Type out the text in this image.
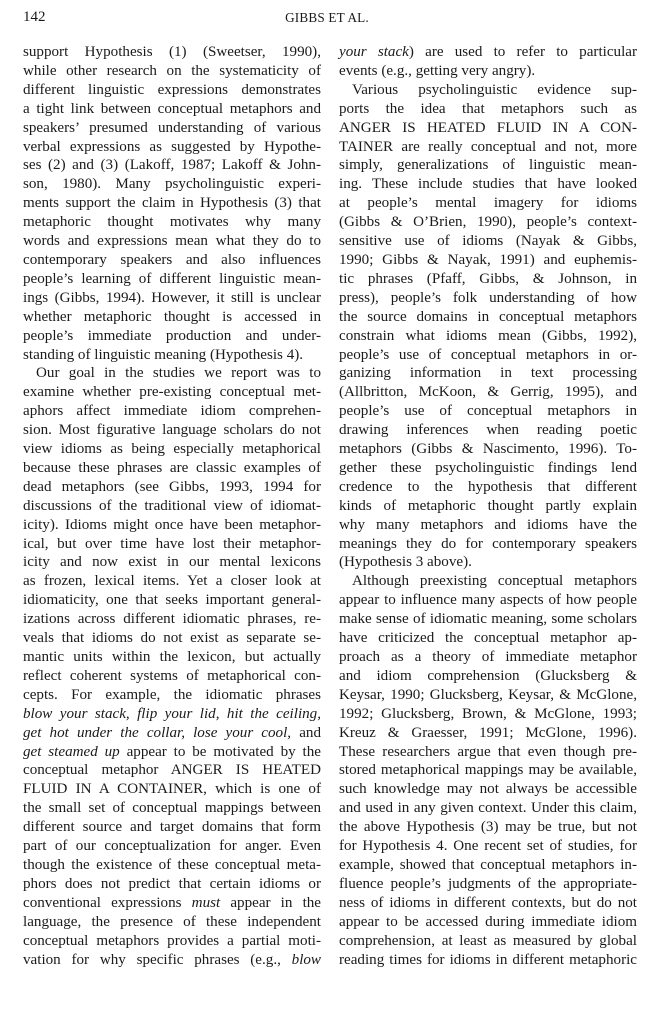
142	GIBBS ET AL.
support Hypothesis (1) (Sweetser, 1990),
while other research on the systematicity of
different linguistic expressions demonstrates
a tight link between conceptual metaphors and
speakers’ presumed understanding of various
verbal expressions as suggested by Hypothe-
ses (2) and (3) (Lakoff, 1987; Lakoff & John-
son, 1980). Many psycholinguistic experi-
ments support the claim in Hypothesis (3) that
metaphoric thought motivates why many
words and expressions mean what they do to
contemporary speakers and also influences
people’s learning of different linguistic mean-
ings (Gibbs, 1994). However, it still is unclear
whether metaphoric thought is accessed in
people’s immediate production and under-
standing of linguistic meaning (Hypothesis 4).
Our goal in the studies we report was to
examine whether pre-existing conceptual met-
aphors affect immediate idiom comprehen-
sion. Most figurative language scholars do not
view idioms as being especially metaphorical
because these phrases are classic examples of
dead metaphors (see Gibbs, 1993, 1994 for
discussions of the traditional view of idiomat-
icity). Idioms might once have been metaphor-
ical, but over time have lost their metaphor-
icity and now exist in our mental lexicons
as frozen, lexical items. Yet a closer look at
idiomaticity, one that seeks important general-
izations across different idiomatic phrases, re-
veals that idioms do not exist as separate se-
mantic units within the lexicon, but actually
reflect coherent systems of metaphorical con-
cepts. For example, the idiomatic phrases
blow your stack, flip your lid, hit the ceiling,
get hot under the collar, lose your cool, and
get steamed up appear to be motivated by the
conceptual metaphor ANGER IS HEATED
FLUID IN A CONTAINER, which is one of
the small set of conceptual mappings between
different source and target domains that form
part of our conceptualization for anger. Even
though the existence of these conceptual meta-
phors does not predict that certain idioms or
conventional expressions must appear in the
language, the presence of these independent
conceptual metaphors provides a partial moti-
vation for why specific phrases (e.g., blow
your stack) are used to refer to particular
events (e.g., getting very angry).
Various psycholinguistic evidence sup-
ports the idea that metaphors such as
ANGER IS HEATED FLUID IN A CON-
TAINER are really conceptual and not, more
simply, generalizations of linguistic mean-
ing. These include studies that have looked
at people’s mental imagery for idioms
(Gibbs & O’Brien, 1990), people’s context-
sensitive use of idioms (Nayak & Gibbs,
1990; Gibbs & Nayak, 1991) and euphemis-
tic phrases (Pfaff, Gibbs, & Johnson, in
press), people’s folk understanding of how
the source domains in conceptual metaphors
constrain what idioms mean (Gibbs, 1992),
people’s use of conceptual metaphors in or-
ganizing information in text processing
(Allbritton, McKoon, & Gerrig, 1995), and
people’s use of conceptual metaphors in
drawing inferences when reading poetic
metaphors (Gibbs & Nascimento, 1996). To-
gether these psycholinguistic findings lend
credence to the hypothesis that different
kinds of metaphoric thought partly explain
why many metaphors and idioms have the
meanings they do for contemporary speakers
(Hypothesis 3 above).
Although preexisting conceptual metaphors
appear to influence many aspects of how people
make sense of idiomatic meaning, some scholars
have criticized the conceptual metaphor ap-
proach as a theory of immediate metaphor
and idiom comprehension (Glucksberg &
Keysar, 1990; Glucksberg, Keysar, & McGlone,
1992; Glucksberg, Brown, & McGlone, 1993;
Kreuz & Graesser, 1991; McGlone, 1996).
These researchers argue that even though pre-
stored metaphorical mappings may be available,
such knowledge may not always be accessible
and used in any given context. Under this claim,
the above Hypothesis (3) may be true, but not
for Hypothesis 4. One recent set of studies, for
example, showed that conceptual metaphors in-
fluence people’s judgments of the appropriate-
ness of idioms in different contexts, but do not
appear to be accessed during immediate idiom
comprehension, at least as measured by global
reading times for idioms in different metaphoric
